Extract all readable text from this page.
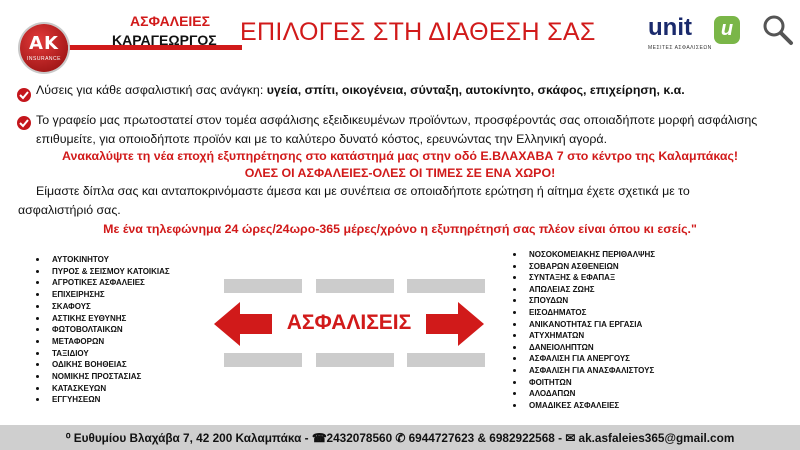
AK
INSURANCE
ΑΣΦΑΛΕΙΕΣ
ΚΑΡΑΓΕΩΡΓΟΣ ΕΠΙΛΟΓΕΣ ΣΤΗ ΔΙΑΘΕΣΗ ΣΑΣ unit	u
ΜΕΣΙΤΕΣ ΑΣΦΑΛΙΣΕΩΝ
Λύσεις για κάθε ασφαλιστική σας ανάγκη: υγεία, σπίτι, οικογένεια, σύνταξη, αυτοκίνητο, σκάφος, επιχείρηση, κ.α.
Το γραφείο μας πρωτοστατεί στον τομέα ασφάλισης εξειδικευμένων προϊόντων, προσφέροντάς σας οποιαδήποτε μορφή ασφάλισης επιθυμείτε, για οποιοδήποτε προϊόν και με το καλύτερο δυνατό κόστος, ερευνώντας την Ελληνική αγορά.
Ανακαλύψτε τη νέα εποχή εξυπηρέτησης στο κατάστημά μας στην οδό Ε.ΒΛΑΧΑΒΑ 7 στο κέντρο της Καλαμπάκας!
ΟΛΕΣ ΟΙ ΑΣΦΑΛΕΙΕΣ-ΟΛΕΣ ΟΙ ΤΙΜΕΣ ΣΕ ΕΝΑ ΧΩΡΟ!
Είμαστε δίπλα σας και ανταποκρινόμαστε άμεσα και με συνέπεια σε οποιαδήποτε ερώτηση ή αίτημα έχετε σχετικά με το
ασφαλιστήριό σας.
Με ένα τηλεφώνημα 24 ώρες/24ωρο-365 μέρες/χρόνο η εξυπηρέτησή σας πλέον είναι όπου κι εσείς."
ΑΥΤΟΚΙΝΗΤΟΥ
ΠΥΡΟΣ & ΣΕΙΣΜΟΥ ΚΑΤΟΙΚΙΑΣ
ΑΓΡΟΤΙΚΕΣ ΑΣΦΑΛΕΙΕΣ
ΕΠΙΧΕΙΡΗΣΗΣ
ΣΚΑΦΟΥΣ
ΑΣΤΙΚΗΣ ΕΥΘΥΝΗΣ
ΦΩΤΟΒΟΛΤΑΙΚΩΝ
ΜΕΤΑΦΟΡΩΝ
ΤΑΞΙΔΙΟΥ
ΟΔΙΚΗΣ ΒΟΗΘΕΙΑΣ
ΝΟΜΙΚΗΣ ΠΡΟΣΤΑΣΙΑΣ
ΚΑΤΑΣΚΕΥΩΝ
ΕΓΓΥΗΣΕΩΝ
ΝΟΣΟΚΟΜΕΙΑΚΗΣ ΠΕΡΙΘΑΛΨΗΣ
ΣΟΒΑΡΩΝ ΑΣΘΕΝΕΙΩΝ
ΣΥΝΤΑΞΗΣ & ΕΦΑΠΑΞ
ΑΠΩΛΕΙΑΣ ΖΩΗΣ
ΣΠΟΥΔΩΝ
ΕΙΣΟΔΗΜΑΤΟΣ
ΑΝΙΚΑΝΟΤΗΤΑΣ ΓΙΑ ΕΡΓΑΣΙΑ
ΑΤΥΧΗΜΑΤΩΝ
ΔΑΝΕΙΟΛΗΠΤΩΝ
ΑΣΦΑΛΙΣΗ ΓΙΑ ΑΝΕΡΓΟΥΣ
ΑΣΦΑΛΙΣΗ ΓΙΑ ΑΝΑΣΦΑΛΙΣΤΟΥΣ
ΦΟΙΤΗΤΩΝ
ΑΛΟΔΑΠΩΝ
ΟΜΑΔΙΚΕΣ ΑΣΦΑΛΕΙΕΣ
ΑΣΦΑΛΙΣΕΙΣ
⁰ Ευθυμίου Βλαχάβα 7, 42 200 Καλαμπάκα - ☎2432078560 ✆ 6944727623 & 6982922568 - ✉ ak.asfaleies365@gmail.com
